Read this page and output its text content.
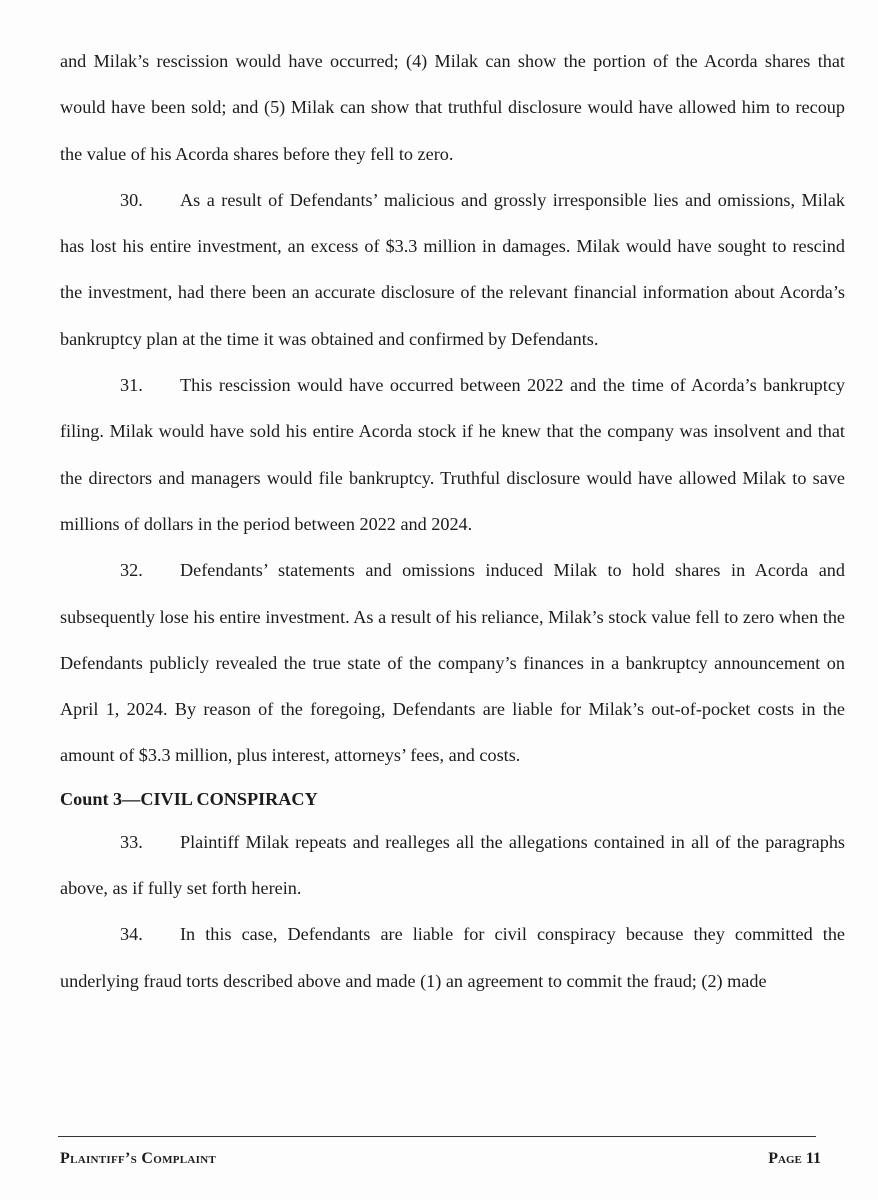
and Milak’s rescission would have occurred; (4) Milak can show the portion of the Acorda shares that would have been sold; and (5) Milak can show that truthful disclosure would have allowed him to recoup the value of his Acorda shares before they fell to zero.

30. As a result of Defendants’ malicious and grossly irresponsible lies and omissions, Milak has lost his entire investment, an excess of $3.3 million in damages. Milak would have sought to rescind the investment, had there been an accurate disclosure of the relevant financial information about Acorda’s bankruptcy plan at the time it was obtained and confirmed by Defendants.

31. This rescission would have occurred between 2022 and the time of Acorda’s bankruptcy filing. Milak would have sold his entire Acorda stock if he knew that the company was insolvent and that the directors and managers would file bankruptcy. Truthful disclosure would have allowed Milak to save millions of dollars in the period between 2022 and 2024.

32. Defendants’ statements and omissions induced Milak to hold shares in Acorda and subsequently lose his entire investment. As a result of his reliance, Milak’s stock value fell to zero when the Defendants publicly revealed the true state of the company’s finances in a bankruptcy announcement on April 1, 2024. By reason of the foregoing, Defendants are liable for Milak’s out-of-pocket costs in the amount of $3.3 million, plus interest, attorneys’ fees, and costs.

Count 3—CIVIL CONSPIRACY

33. Plaintiff Milak repeats and realleges all the allegations contained in all of the paragraphs above, as if fully set forth herein.

34. In this case, Defendants are liable for civil conspiracy because they committed the underlying fraud torts described above and made (1) an agreement to commit the fraud; (2) made

Plaintiff’s Complaint	Page 11
